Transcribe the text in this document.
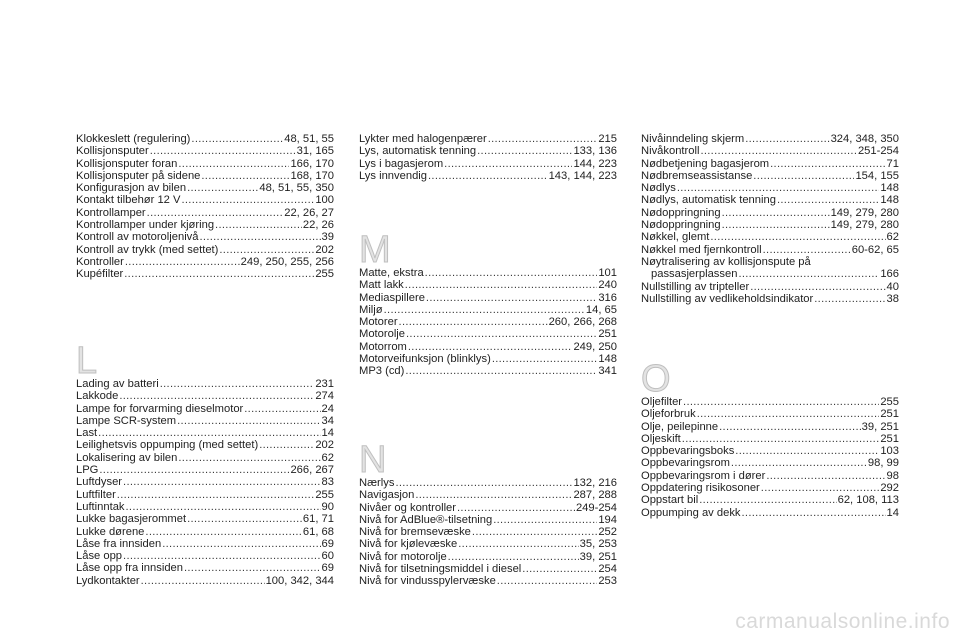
Klokkeslett (regulering) .....	48, 51, 55
Kollisjonsputer .....	31, 165
Kollisjonsputer foran .....	166, 170
Kollisjonsputer på sidene .....	168, 170
Konfigurasjon av bilen .....	48, 51, 55, 350
Kontakt tilbehør 12 V .....	100
Kontrollamper .....	22, 26, 27
Kontrollamper under kjøring .....	22, 26
Kontroll av motoroljenivå .....	39
Kontroll av trykk (med settet) .....	202
Kontroller .....	249, 250, 255, 256
Kupéfilter .....	255
L
Lading av batteri .....	231
Lakkode .....	274
Lampe for forvarming dieselmotor .....	24
Lampe SCR-system .....	34
Last .....	14
Leilighetsvis oppumping (med settet) .....	202
Lokalisering av bilen .....	62
LPG .....	266, 267
Luftdyser .....	83
Luftfilter .....	255
Luftinntak .....	90
Lukke bagasjerommet .....	61, 71
Lukke dørene .....	61, 68
Låse fra innsiden .....	69
Låse opp .....	60
Låse opp fra innsiden .....	69
Lydkontakter .....	100, 342, 344
Lykter med halogenpærer .....	215
Lys, automatisk tenning .....	133, 136
Lys i bagasjerom .....	144, 223
Lys innvendig .....	143, 144, 223
M
Matte, ekstra .....	101
Matt lakk .....	240
Mediaspillere .....	316
Miljø .....	14, 65
Motorer .....	260, 266, 268
Motorolje .....	251
Motorrom .....	249, 250
Motorveifunksjon (blinklys) .....	148
MP3 (cd) .....	341
N
Nærlys .....	132, 216
Navigasjon .....	287, 288
Nivåer og kontroller .....	249-254
Nivå for AdBlue®-tilsetning .....	194
Nivå for bremsevæske .....	252
Nivå for kjølevæske .....	35, 253
Nivå for motorolje .....	39, 251
Nivå for tilsetningsmiddel i diesel .....	254
Nivå for vindusspylervæske .....	253
Nivåinndeling skjerm .....	324, 348, 350
Nivåkontroll .....	251-254
Nødbetjening bagasjerom .....	71
Nødbremseassistanse .....	154, 155
Nødlys .....	148
Nødlys, automatisk tenning .....	148
Nødoppringning .....	149, 279, 280
Nødoppringning .....	149, 279, 280
Nøkkel, glemt .....	62
Nøkkel med fjernkontroll .....	60-62, 65
Nøytralisering av kollisjonspute på
passasjerplassen .....	166
Nullstilling av tripteller .....	40
Nullstilling av vedlikeholdsindikator .....	38
O
Oljefilter .....	255
Oljeforbruk .....	251
Olje, peilepinne .....	39, 251
Oljeskift .....	251
Oppbevaringsboks .....	103
Oppbevaringsrom .....	98, 99
Oppbevaringsrom i dører .....	98
Oppdatering risikosoner .....	292
Oppstart bil .....	62, 108, 113
Oppumping av dekk .....	14
carmanualsonline.info
